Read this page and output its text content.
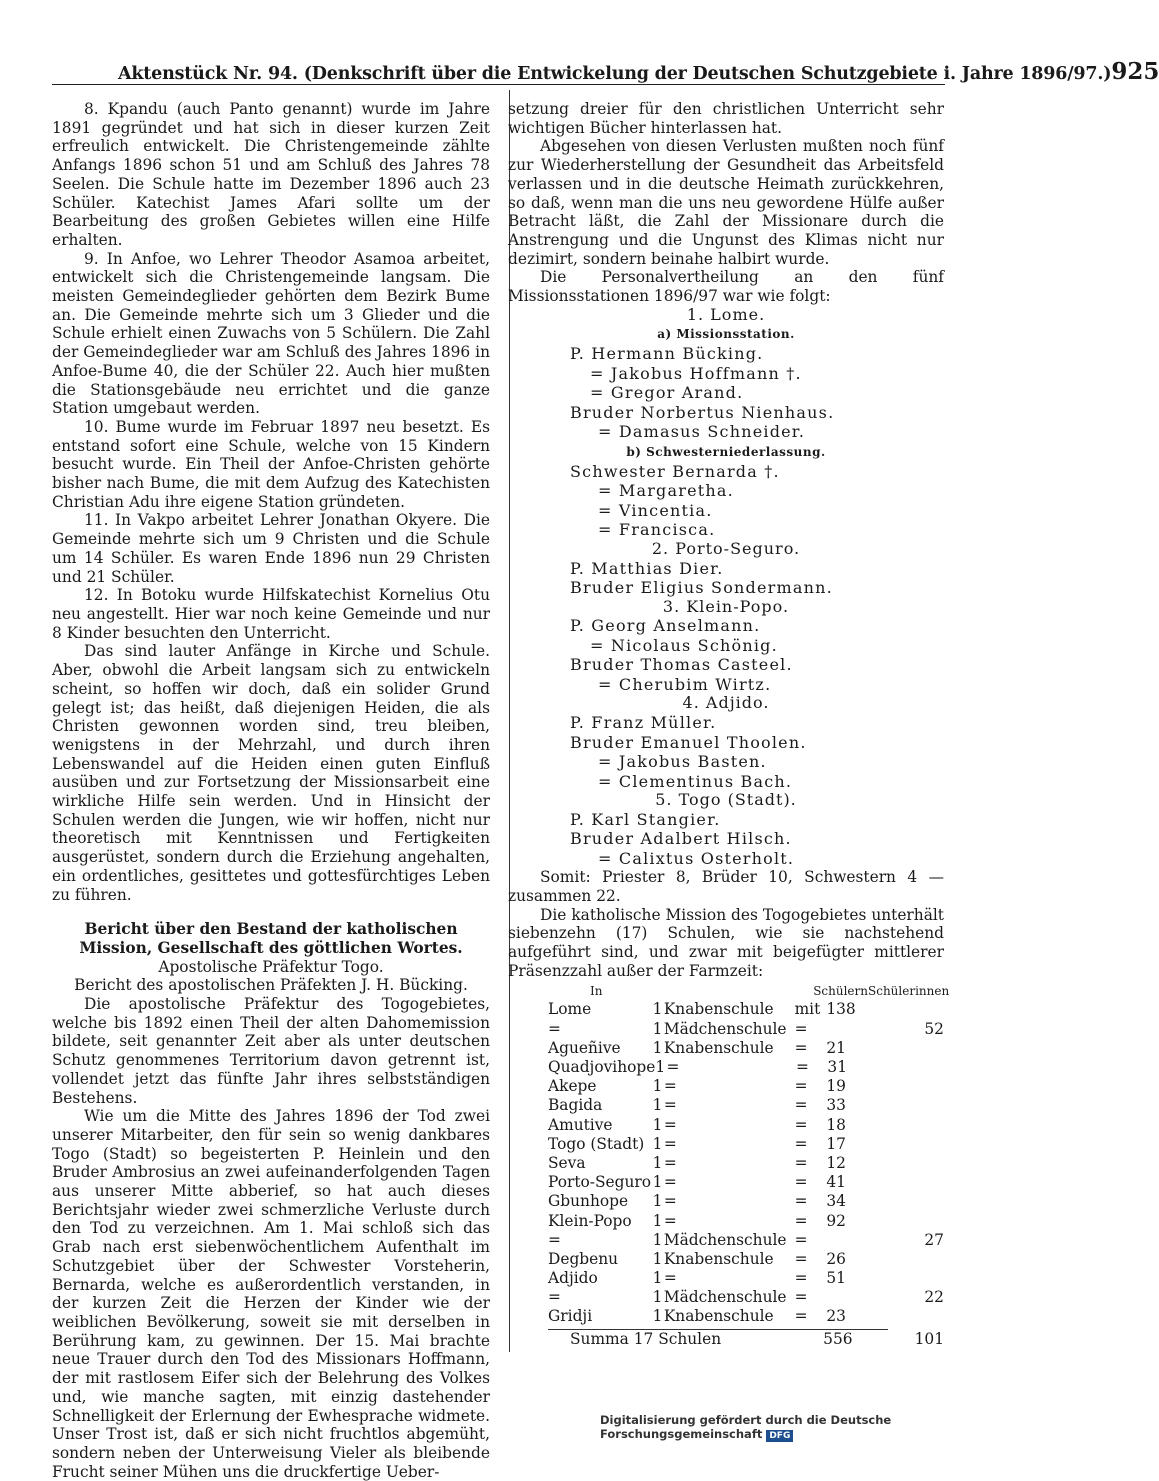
Aktenstück Nr. 94. (Denkschrift über die Entwickelung der Deutschen Schutzgebiete i. Jahre 1896/97.) 925

8. Kpandu (auch Panto genannt) wurde im Jahre 1891 gegründet und hat sich in dieser kurzen Zeit erfreulich entwickelt. Die Christengemeinde zählte Anfangs 1896 schon 51 und am Schluß des Jahres 78 Seelen. Die Schule hatte im Dezember 1896 auch 23 Schüler. Katechist James Afari sollte um der Bearbeitung des großen Gebietes willen eine Hilfe erhalten.

9. In Anfoe, wo Lehrer Theodor Asamoa arbeitet, entwickelt sich die Christengemeinde langsam. Die meisten Gemeindeglieder gehörten dem Bezirk Bume an. Die Gemeinde mehrte sich um 3 Glieder und die Schule erhielt einen Zuwachs von 5 Schülern. Die Zahl der Gemeindeglieder war am Schluß des Jahres 1896 in Anfoe-Bume 40, die der Schüler 22. Auch hier mußten die Stationsgebäude neu errichtet und die ganze Station umgebaut werden.

10. Bume wurde im Februar 1897 neu besetzt. Es entstand sofort eine Schule, welche von 15 Kindern besucht wurde. Ein Theil der Anfoe-Christen gehörte bisher nach Bume, die mit dem Aufzug des Katechisten Christian Adu ihre eigene Station gründeten.

11. In Vakpo arbeitet Lehrer Jonathan Okyere. Die Gemeinde mehrte sich um 9 Christen und die Schule um 14 Schüler. Es waren Ende 1896 nun 29 Christen und 21 Schüler.

12. In Botoku wurde Hilfskatechist Kornelius Otu neu angestellt. Hier war noch keine Gemeinde und nur 8 Kinder besuchten den Unterricht.

Das sind lauter Anfänge in Kirche und Schule. Aber, obwohl die Arbeit langsam sich zu entwickeln scheint, so hoffen wir doch, daß ein solider Grund gelegt ist; das heißt, daß diejenigen Heiden, die als Christen gewonnen worden sind, treu bleiben, wenigstens in der Mehrzahl, und durch ihren Lebenswandel auf die Heiden einen guten Einfluß ausüben und zur Fortsetzung der Missionsarbeit eine wirkliche Hilfe sein werden. Und in Hinsicht der Schulen werden die Jungen, wie wir hoffen, nicht nur theoretisch mit Kenntnissen und Fertigkeiten ausgerüstet, sondern durch die Erziehung angehalten, ein ordentliches, gesittetes und gottesfürchtiges Leben zu führen.

Bericht über den Bestand der katholischen Mission, Gesellschaft des göttlichen Wortes.

Apostolische Präfektur Togo.

Bericht des apostolischen Präfekten J. H. Bücking.

Die apostolische Präfektur des Togogebietes, welche bis 1892 einen Theil der alten Dahomemission bildete, seit genannter Zeit aber als unter deutschen Schutz genommenes Territorium davon getrennt ist, vollendet jetzt das fünfte Jahr ihres selbstständigen Bestehens.

Wie um die Mitte des Jahres 1896 der Tod zwei unserer Mitarbeiter, den für sein so wenig dankbares Togo (Stadt) so begeisterten P. Heinlein und den Bruder Ambrosius an zwei aufeinanderfolgenden Tagen aus unserer Mitte abberief, so hat auch dieses Berichtsjahr wieder zwei schmerzliche Verluste durch den Tod zu verzeichnen. Am 1. Mai schloß sich das Grab nach erst siebenwöchentlichem Aufenthalt im Schutzgebiet über der Schwester Vorsteherin, Bernarda, welche es außerordentlich verstanden, in der kurzen Zeit die Herzen der Kinder wie der weiblichen Bevölkerung, soweit sie mit derselben in Berührung kam, zu gewinnen. Der 15. Mai brachte neue Trauer durch den Tod des Missionars Hoffmann, der mit rastlosem Eifer sich der Belehrung des Volkes und, wie manche sagten, mit einzig dastehender Schnelligkeit der Erlernung der Ewhesprache widmete. Unser Trost ist, daß er sich nicht fruchtlos abgemüht, sondern neben der Unterweisung Vieler als bleibende Frucht seiner Mühen uns die druckfertige Ueber-

setzung dreier für den christlichen Unterricht sehr wichtigen Bücher hinterlassen hat.

Abgesehen von diesen Verlusten mußten noch fünf zur Wiederherstellung der Gesundheit das Arbeitsfeld verlassen und in die deutsche Heimath zurückkehren, so daß, wenn man die uns neu gewordene Hülfe außer Betracht läßt, die Zahl der Missionare durch die Anstrengung und die Ungunst des Klimas nicht nur dezimirt, sondern beinahe halbirt wurde.

Die Personalvertheilung an den fünf Missionsstationen 1896/97 war wie folgt:

1. Lome.
a) Missionsstation.
P. Hermann Bücking.
= Jakobus Hoffmann †.
= Gregor Arand.
Bruder Norbertus Nienhaus.
= Damasus Schneider.
b) Schwesterniederlassung.
Schwester Bernarda †.
= Margaretha.
= Vincentia.
= Francisca.
2. Porto-Seguro.
P. Matthias Dier.
Bruder Eligius Sondermann.
3. Klein-Popo.
P. Georg Anselmann.
= Nicolaus Schönig.
Bruder Thomas Casteel.
= Cherubim Wirtz.
4. Adjido.
P. Franz Müller.
Bruder Emanuel Thoolen.
= Jakobus Basten.
= Clementinus Bach.
5. Togo (Stadt).
P. Karl Stangier.
Bruder Adalbert Hilsch.
= Calixtus Osterholt.

Somit: Priester 8, Brüder 10, Schwestern 4 — zusammen 22.

Die katholische Mission des Togogebietes unterhält siebenzehn (17) Schulen, wie sie nachstehend aufgeführt sind, und zwar mit beigefügter mittlerer Präsenzzahl außer der Farmzeit:

In	Schülern Schülerinnen
Lome	1 Knabenschule	mit 138
=	1 Mädchenschule =	52
Agueñive	1 Knabenschule	=	21
Quadjovihope 1 =	=	31
Akepe	1 =	=	19
Bagida	1 =	=	33
Amutive	1 =	=	18
Togo (Stadt) 1 =	=	17
Seva	1 =	=	12
Porto-Seguro 1 =	=	41
Gbunhope	1 =	=	34
Klein-Popo	1 =	=	92
=	1 Mädchenschule =	27
Degbenu	1 Knabenschule	=	26
Adjido	1 =	=	51
=	1 Mädchenschule =	22
Gridji	1 Knabenschule	=	23
Summa 17 Schulen	556	101
Digitalisierung gefördert durch die Deutsche Forschungsgemeinschaft DFG
